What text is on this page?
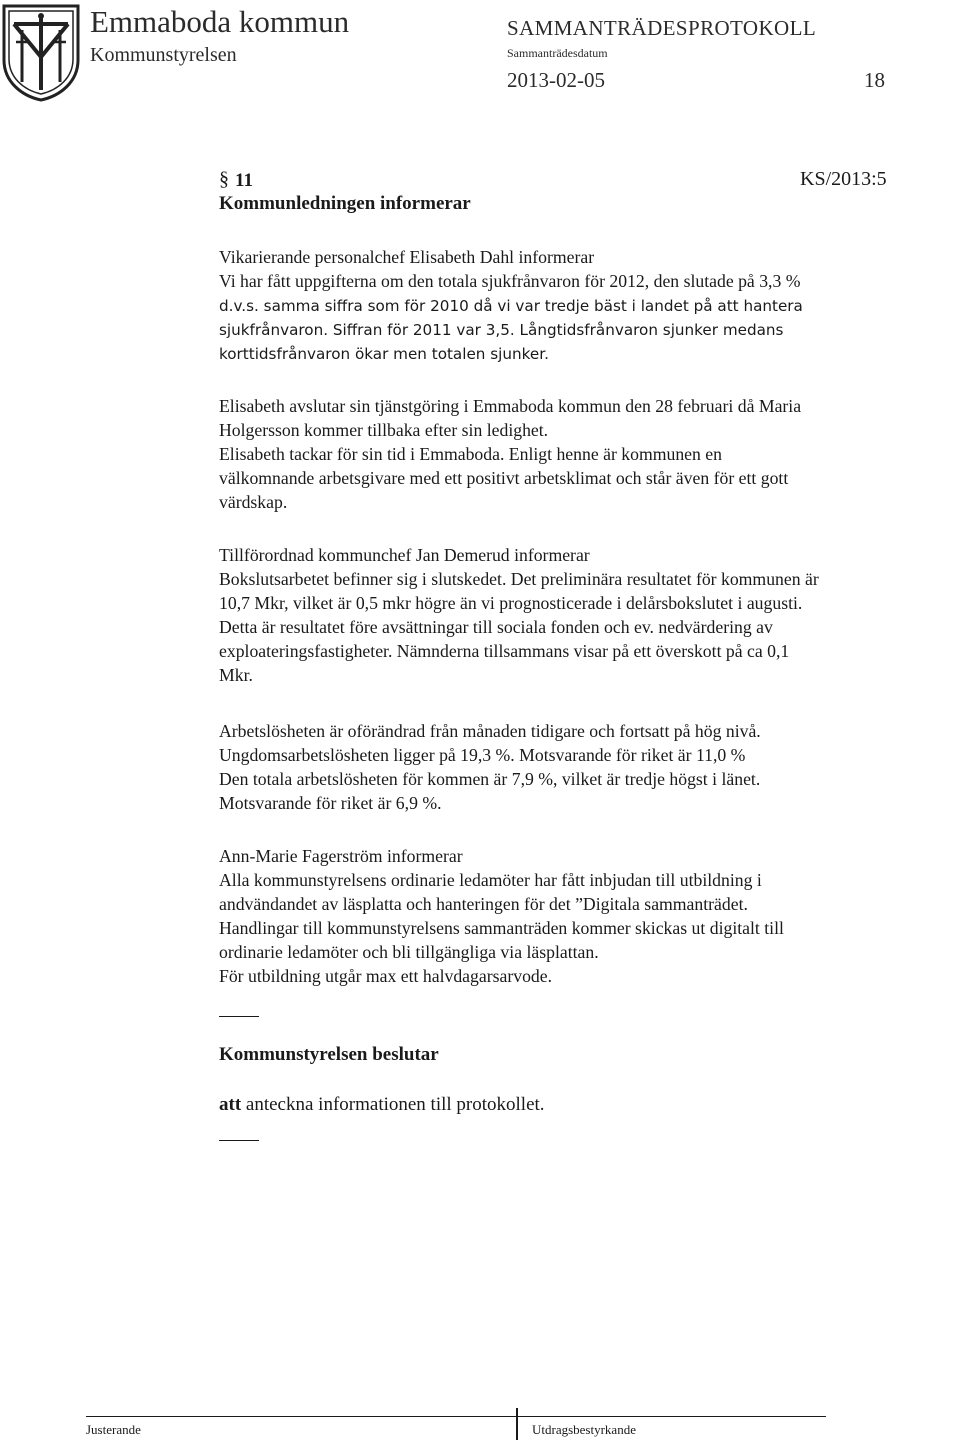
Emmaboda kommun
Kommunstyrelsen
SAMMANTRÄDESPROTOKOLL
Sammanträdesdatum
2013-02-05	18
KS/2013:5
§ 11
Kommunledningen informerar
Vikarierande personalchef Elisabeth Dahl informerar
Vi har fått uppgifterna om den totala sjukfrånvaron för 2012, den slutade på 3,3 %
d.v.s. samma siffra som för 2010 då vi var tredje bäst i landet på att hantera
sjukfrånvaron. Siffran för 2011 var 3,5. Långtidsfrånvaron sjunker medans
korttidsfrånvaron ökar men totalen sjunker.
Elisabeth avslutar sin tjänstgöring i Emmaboda kommun den 28 februari då Maria
Holgersson kommer tillbaka efter sin ledighet.
Elisabeth tackar för sin tid i Emmaboda. Enligt henne är kommunen en
välkomnande arbetsgivare med ett positivt arbetsklimat och står även för ett gott
värdskap.
Tillförordnad kommunchef Jan Demerud informerar
Bokslutsarbetet befinner sig i slutskedet. Det preliminära resultatet för kommunen är
10,7 Mkr, vilket är 0,5 mkr högre än vi prognosticerade i delårsbokslutet i augusti.
Detta är resultatet före avsättningar till sociala fonden och ev. nedvärdering av
exploateringsfastigheter. Nämnderna tillsammans visar på ett överskott på ca 0,1
Mkr.
Arbetslösheten är oförändrad från månaden tidigare och fortsatt på hög nivå.
Ungdomsarbetslösheten ligger på 19,3 %. Motsvarande för riket är 11,0 %
Den totala arbetslösheten för kommen är 7,9 %, vilket är tredje högst i länet.
Motsvarande för riket är 6,9 %.
Ann-Marie Fagerström informerar
Alla kommunstyrelsens ordinarie ledamöter har fått inbjudan till utbildning i
andvändandet av läsplatta och hanteringen för det ”Digitala sammanträdet.
Handlingar till kommunstyrelsens sammanträden kommer skickas ut digitalt till
ordinarie ledamöter och bli tillgängliga via läsplattan.
För utbildning utgår max ett halvdagarsarvode.
Kommunstyrelsen beslutar
att anteckna informationen till protokollet.
Justerande	Utdragsbestyrkande
